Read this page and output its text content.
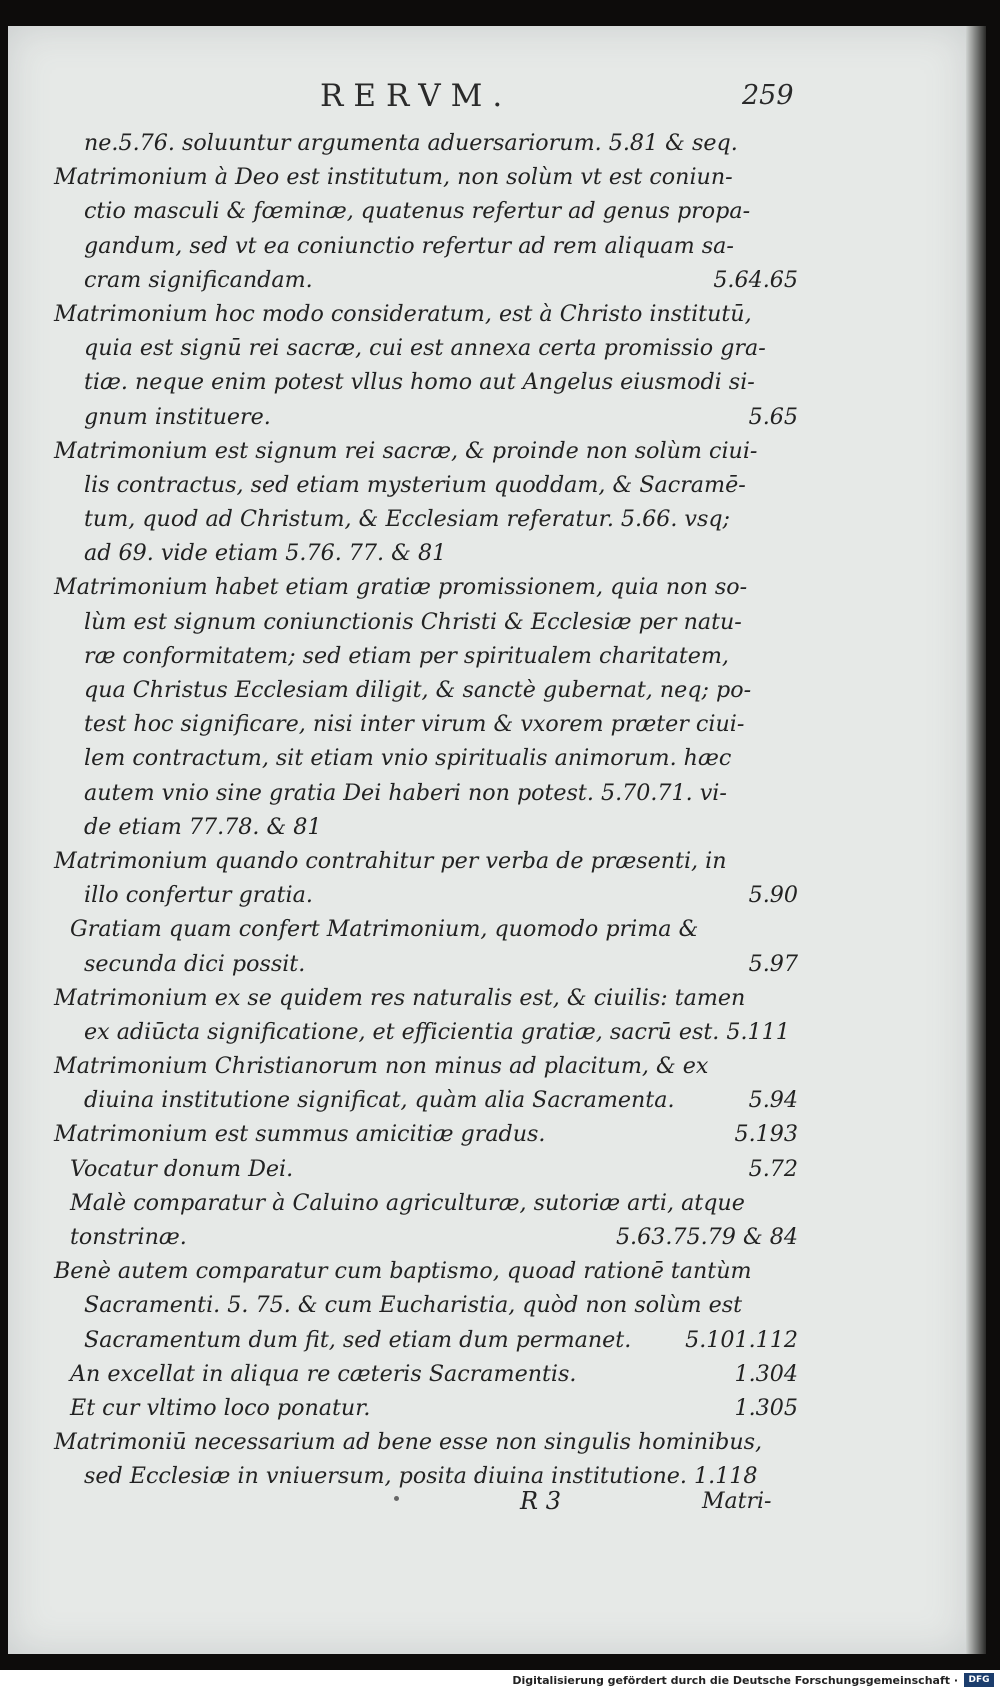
RERVM.	259
ne.5.76. soluuntur argumenta aduersariorum. 5.81 & seq.
Matrimonium à Deo est institutum, non solùm vt est coniun-
ctio masculi & fœminæ, quatenus refertur ad genus propa-
gandum, sed vt ea coniunctio refertur ad rem aliquam sa-
cram significandam.	5.64.65
Matrimonium hoc modo consideratum, est à Christo institutū,
quia est signū rei sacræ, cui est annexa certa promissio gra-
tiæ. neque enim potest vllus homo aut Angelus eiusmodi si-
gnum instituere.	5.65
Matrimonium est signum rei sacræ, & proinde non solùm ciui-
lis contractus, sed etiam mysterium quoddam, & Sacramē-
tum, quod ad Christum, & Ecclesiam referatur. 5.66. vsq;
ad 69. vide etiam 5.76. 77. & 81
Matrimonium habet etiam gratiæ promissionem, quia non so-
lùm est signum coniunctionis Christi & Ecclesiæ per natu-
ræ conformitatem; sed etiam per spiritualem charitatem,
qua Christus Ecclesiam diligit, & sanctè gubernat, neq; po-
test hoc significare, nisi inter virum & vxorem præter ciui-
lem contractum, sit etiam vnio spiritualis animorum. hæc
autem vnio sine gratia Dei haberi non potest. 5.70.71. vi-
de etiam 77.78. & 81
Matrimonium quando contrahitur per verba de præsenti, in
illo confertur gratia.	5.90
Gratiam quam confert Matrimonium, quomodo prima &
secunda dici possit.	5.97
Matrimonium ex se quidem res naturalis est, & ciuilis: tamen
ex adiūcta significatione, et efficientia gratiæ, sacrū est. 5.111
Matrimonium Christianorum non minus ad placitum, & ex
diuina institutione significat, quàm alia Sacramenta.	5.94
Matrimonium est summus amicitiæ gradus.	5.193
Vocatur donum Dei.	5.72
Malè comparatur à Caluino agriculturæ, sutoriæ arti, atque
tonstrinæ.	5.63.75.79 & 84
Benè autem comparatur cum baptismo, quoad rationē tantùm
Sacramenti. 5. 75. & cum Eucharistia, quòd non solùm est
Sacramentum dum fit, sed etiam dum permanet. 5.101.112
An excellat in aliqua re cæteris Sacramentis.	1.304
Et cur vltimo loco ponatur.	1.305
Matrimoniū necessarium ad bene esse non singulis hominibus,
sed Ecclesiæ in vniuersum, posita diuina institutione. 1.118
R 3	Matri-
Digitalisierung gefördert durch die Deutsche Forschungsgemeinschaft ·	DFG
